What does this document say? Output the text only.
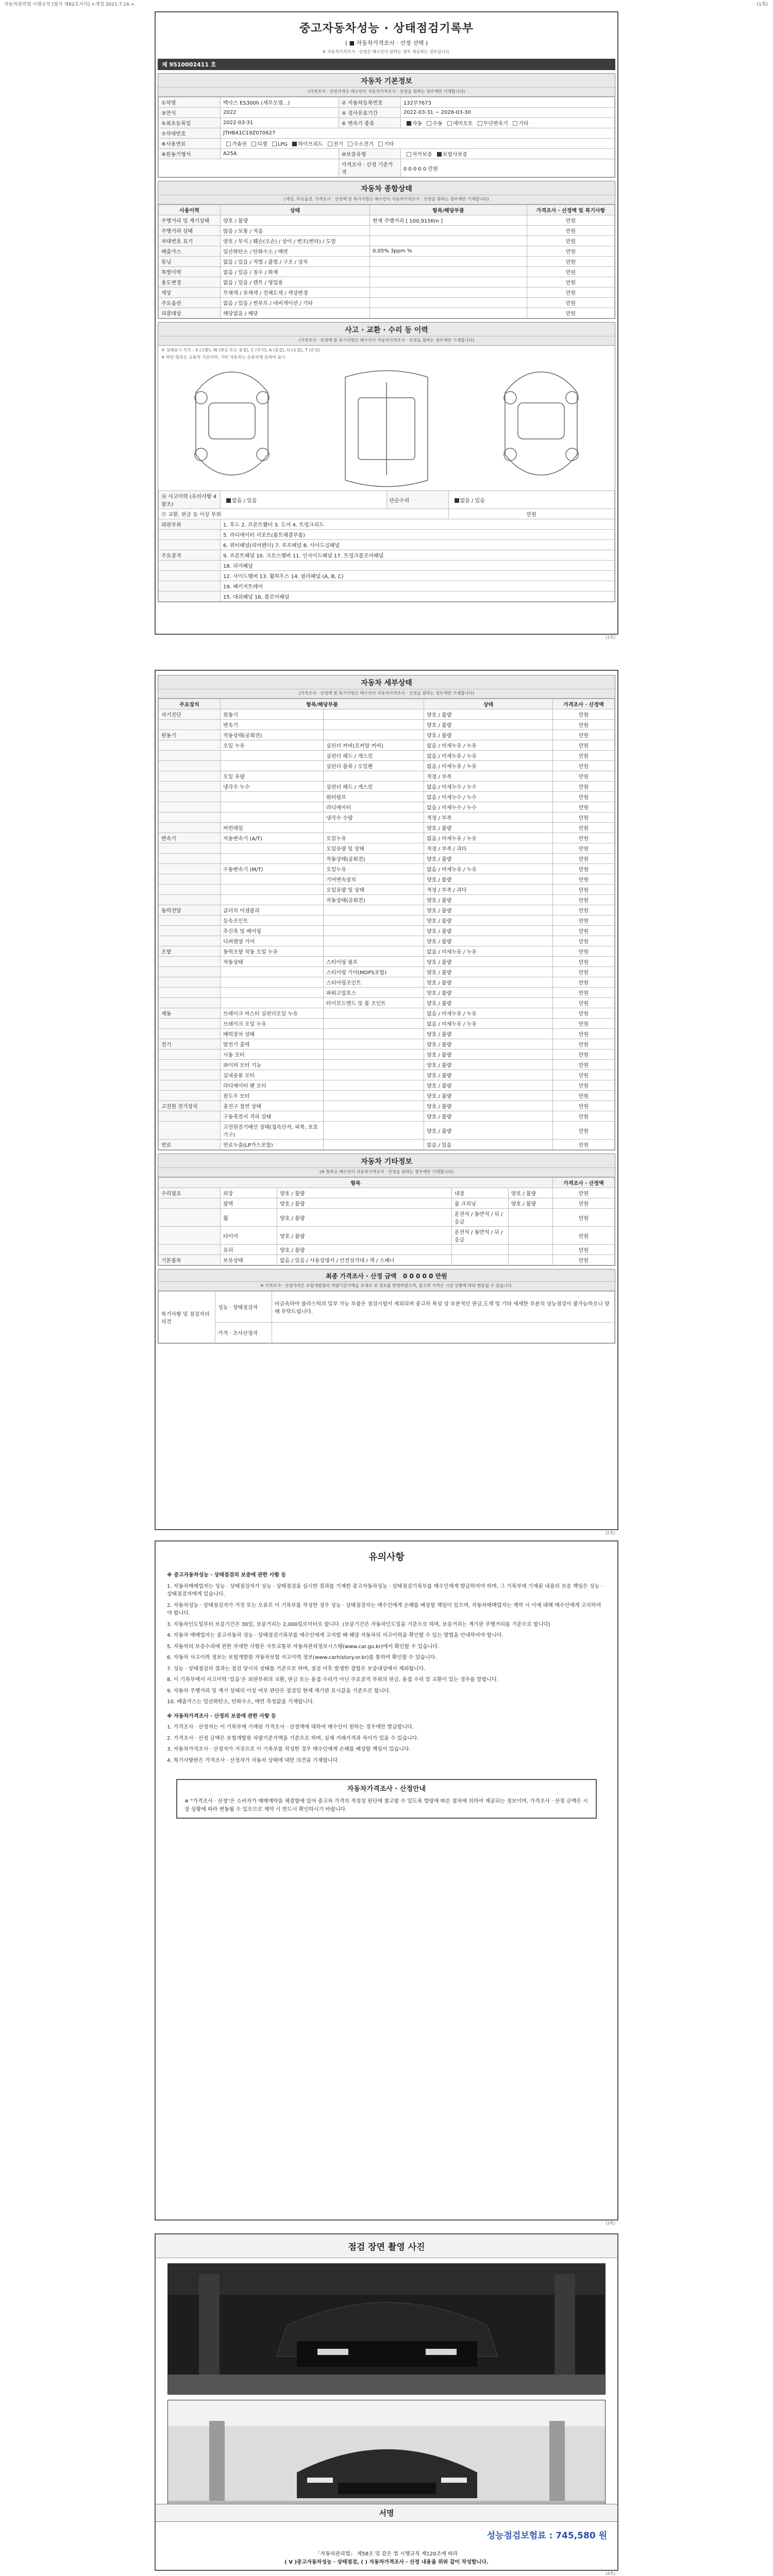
자동차관리법 시행규칙 [별지 제82호서식] <개정 2021.7.14.>	(1쪽)
중고자동차성능 · 상태점검기록부
( ■ 자동차가격조사 · 산정 선택 )
※ 자동차가격조사 · 산정은 매수인이 원하는 경우 제공하는 정보입니다.
제 9510002411 호
자동차 기본정보
(가격조사 · 산정가격은 매수인이 자동차가격조사 · 산정을 원하는 경우에만 기재합니다)
①차명	벡사스 ES300h (세부모델...)	② 자동차등록번호	132부7673
③연식	2022	④ 검사유효기간	2022-03-31 ~ 2026-03-30
⑤최초등록일	2022-03-31	⑥ 변속기 종류	자동 수동 세미오토 무단변속기 기타
⑦차대번호	JTHBA1C19Z070627		
⑧사용연료	가솔린 디젤 LPG 하이브리드 전기 수소전기 기타		
⑨원동기형식	A25A	⑩보증유형	자가보증 보험사보증
		가격조사 · 산정 기준가격	0 0 0 0 0 만원
자동차 종합상태
(색상, 주요옵션, 가격조사 · 산정액 및 특기사항은 매수인이 자동차가격조사 · 산정을 원하는 경우에만 기재합니다)
사용이력	상태	항목/해당부품	가격조사 · 산정액 및 특기사항
주행거리 및 계기상태	양호 / 불량	현재 주행거리 [ 100,915Km ]	만원
주행거리 상태	많음 / 보통 / 적음		만원
차대번호 표기	양호 / 부식 / 훼손(오손) / 상이 / 변조(변타) / 도말		만원
배출가스	일산화탄소 / 탄화수소 / 매연	0.05% 3ppm %	만원
튜닝	없음 / 있음 / 적법 / 불법 / 구조 / 장치		만원
특별이력	없음 / 있음 / 침수 / 화재		만원
용도변경	없음 / 있음 / 렌트 / 영업용		만원
색상	무채색 / 유채색 / 전체도색 / 색상변경		만원
주요옵션	없음 / 있음 / 썬루프 / 네비게이션 / 기타		만원
리콜대상	해당없음 / 해당		만원
사고 · 교환 · 수리 등 이력
(가격조사 · 산정액 및 특기사항은 매수인이 자동차가격조사 · 산정을 원하는 경우에만 기재합니다)
※ 상태표시 부호 : X (교환), W (판금 또는 용접), C (부식), A (흠집), U (요철), T (손상)
※ 하단 항목은 승용차 기준이며, 기타 자동차는 승용차에 준하여 표시
⑯ 사고이력 (유의사항 4 참조)	없음 / 있음	단순수리	없음 / 있음
⑰ 교환, 판금 등 이상 부위			만원
외판부위	1. 후드 2. 프론트휀더 3. 도어 4. 트렁크리드		
	5. 라디에이터 서포트(볼트체결부품)		
	6. 쿼터패널(리어펜더) 7. 루프패널 8. 사이드실패널		
주요골격	9. 프론트패널 10. 크로스멤버 11. 인사이드패널 17. 트렁크플로어패널		
	18. 리어패널		
	12. 사이드멤버 13. 휠하우스 14. 필러패널 (A, B, C)		
	19. 패키지트레이		
	15. 대쉬패널 16. 플로어패널		
(1쪽)
자동차 세부상태
(가격조사 · 산정액 및 특기사항은 매수인이 자동차가격조사 · 산정을 원하는 경우에만 기재합니다)
주요장치	항목/해당부품		상태	가격조사 · 산정액
자기진단	원동기		양호 / 불량	만원
	변속기		양호 / 불량	만원
원동기	작동상태(공회전)		양호 / 불량	만원
	오일 누유	실린더 커버(로커암 커버)	없음 / 미세누유 / 누유	만원
		실린더 헤드 / 개스킷	없음 / 미세누유 / 누유	만원
		실린더 블록 / 오일팬	없음 / 미세누유 / 누유	만원
	오일 유량		적정 / 부족	만원
	냉각수 누수	실린더 헤드 / 개스킷	없음 / 미세누수 / 누수	만원
		워터펌프	없음 / 미세누수 / 누수	만원
		라디에이터	없음 / 미세누수 / 누수	만원
		냉각수 수량	적정 / 부족	만원
	커먼레일		양호 / 불량	만원
변속기	자동변속기 (A/T)	오일누유	없음 / 미세누유 / 누유	만원
		오일유량 및 상태	적정 / 부족 / 과다	만원
		작동상태(공회전)	양호 / 불량	만원
	수동변속기 (M/T)	오일누유	없음 / 미세누유 / 누유	만원
		기어변속장치	양호 / 불량	만원
		오일유량 및 상태	적정 / 부족 / 과다	만원
		작동상태(공회전)	양호 / 불량	만원
동력전달	클러치 어셈블리		양호 / 불량	만원
	등속조인트		양호 / 불량	만원
	추진축 및 베어링		양호 / 불량	만원
	디퍼렌셜 기어		양호 / 불량	만원
조향	동력조향 작동 오일 누유		없음 / 미세누유 / 누유	만원
	작동상태	스티어링 펌프	양호 / 불량	만원
		스티어링 기어(MDPS포함)	양호 / 불량	만원
		스티어링조인트	양호 / 불량	만원
		파워고압호스	양호 / 불량	만원
		타이로드엔드 및 볼 조인트	양호 / 불량	만원
제동	브레이크 마스터 실린더오일 누유		없음 / 미세누유 / 누유	만원
	브레이크 오일 누유		없음 / 미세누유 / 누유	만원
	배력장치 상태		양호 / 불량	만원
전기	발전기 출력		양호 / 불량	만원
	시동 모터		양호 / 불량	만원
	와이퍼 모터 기능		양호 / 불량	만원
	실내송풍 모터		양호 / 불량	만원
	라디에이터 팬 모터		양호 / 불량	만원
	윈도우 모터		양호 / 불량	만원
고전원 전기장치	충전구 절연 상태		양호 / 불량	만원
	구동축전지 격리 상태		양호 / 불량	만원
	고전원전기배선 상태(접속단자, 피복, 보호기구)		양호 / 불량	만원
연료	연료누출(LP가스포함)		없음 / 있음	만원
자동차 기타정보
(※ 항목은 매수인이 자동차가격조사 · 산정을 원하는 경우에만 기재합니다)
항목					가격조사 · 산정액
수리필요	외장	양호 / 불량	내장	양호 / 불량	만원
	광택	양호 / 불량	룸 크리닝	양호 / 불량	만원
	휠	양호 / 불량	운전석 / 동반석 / 뒤 / 응급		만원
	타이어	양호 / 불량	운전석 / 동반석 / 뒤 / 응급		만원
	유리	양호 / 불량			만원
기본품목	보유상태	없음 / 있음 / 사용설명서 / 안전삼각대 / 잭 / 스패너			만원
최종 가격조사 · 산정 금액 0 0 0 0 0 만원
※ 가격조사 · 산정가격은 보험개발원의 차량기준가액을 토대로 위 정보를 반영하였으며, 중고차 가격은 시장 상황에 따라 변동될 수 있습니다.
특기사항 및 점검자의 의견	성능 · 상태점검자	비금속라야 플라스틱의 일부 가능 부품은 점검시험이 제외되며 중고차 특성 상 부분적인 판금,도색 및 기타 세세한 부분의 성능점검이 불가능하오니 양해 부탁드립니다.
	가격 · 조사산정자	
(2쪽)
유의사항

※ 중고자동차성능 · 상태점검의 보증에 관한 사항 등

1. 자동차매매업자는 성능 · 상태점검자가 성능 · 상태점검을 실시한 결과를 기재한 중고자동차성능 · 상태점검기록부를 매수인에게 발급하여야 하며, 그 기록부에 기재된 내용의 보증 책임은 성능 · 상태점검자에게 있습니다.

2. 자동차성능 · 상태점검자가 거짓 또는 오류로 이 기록부를 작성한 경우 성능 · 상태점검자는 매수인에게 손해를 배상할 책임이 있으며, 자동차매매업자는 계약 시 이에 대해 매수인에게 고지하여야 합니다.

3. 자동차인도일부터 보증기간은 30일, 보증거리는 2,000킬로미터로 합니다. (보증기간은 자동차인도일을 기준으로 하며, 보증거리는 계기판 주행거리를 기준으로 합니다)

4. 자동차 매매업자는 중고자동차 성능 · 상태점검기록부를 매수인에게 고지할 때 해당 자동차의 사고이력을 확인할 수 있는 방법을 안내하여야 합니다.

5. 자동차의 보증수리에 관한 자세한 사항은 국토교통부 자동차관리정보시스템(www.car.go.kr)에서 확인할 수 있습니다.

6. 자동차 사고이력 정보는 보험개발원 자동차보험 사고이력 정보(www.carhistory.or.kr)를 통하여 확인할 수 있습니다.

7. 성능 · 상태점검의 결과는 점검 당시의 상태를 기준으로 하며, 점검 이후 발생한 결함은 보증대상에서 제외됩니다.

8. 이 기록부에서 사고이력 ‘있음’은 외판부위의 교환, 판금 또는 용접 수리가 아닌 주요골격 부위의 판금, 용접 수리 및 교환이 있는 경우를 말합니다.

9. 자동차 주행거리 및 계기 상태의 이상 여부 판단은 점검일 현재 계기판 표시값을 기준으로 합니다.

10. 배출가스는 일산화탄소, 탄화수소, 매연 측정값을 기재합니다.

※ 자동차가격조사 · 산정의 보증에 관한 사항 등

1. 가격조사 · 산정자는 이 기록부에 기재된 가격조사 · 산정액에 대하여 매수인이 원하는 경우에만 발급합니다.

2. 가격조사 · 산정 금액은 보험개발원 차량기준가액을 기준으로 하며, 실제 거래가격과 차이가 있을 수 있습니다.

3. 자동차가격조사 · 산정자가 거짓으로 이 기록부를 작성한 경우 매수인에게 손해를 배상할 책임이 있습니다.

4. 특기사항란은 가격조사 · 산정자가 자동차 상태에 대한 의견을 기재합니다.

자동차가격조사 · 산정안내
※ "가격조사 · 산정"은 소비자가 매매계약을 체결함에 있어 중고차 가격의 적정성 판단에 참고할 수 있도록 법령에 따른 절차에 의하여 제공되는 정보이며, 가격조사 · 산정 금액은 시장 상황에 따라 변동될 수 있으므로 계약 시 반드시 확인하시기 바랍니다.
(3쪽)
점검 장면 촬영 사진
서명
성능점검보험료 : 745,580 원
「자동차관리법」 제58조 및 같은 법 시행규칙 제120조에 따라
( V )중고자동차성능 · 상태점검, ( ) 자동차가격조사 · 산정 내용을 위와 같이 작성합니다.
(4쪽)
